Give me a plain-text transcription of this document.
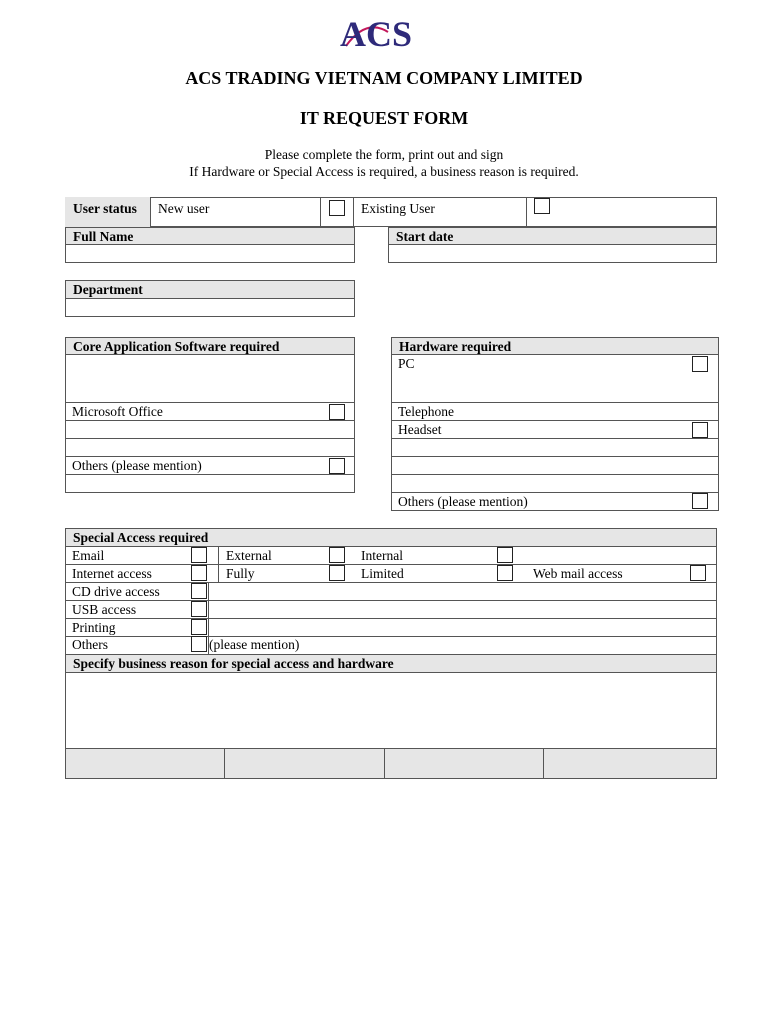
ACS
ACS TRADING VIETNAM COMPANY LIMITED
IT REQUEST FORM
Please complete the form, print out and sign
If Hardware or Special Access is required, a business reason is required.
User status New user	Existing User
Full Name	Start date
Department
Core Application Software required
Microsoft Office
Others (please mention)
Hardware required
PC
Telephone
Headset
Others (please mention)
Special Access required
Email	External	Internal
Internet access	Fully	Limited	Web mail access
CD drive access
USB access
Printing
Others	(please mention)
Specify business reason for special access and hardware
